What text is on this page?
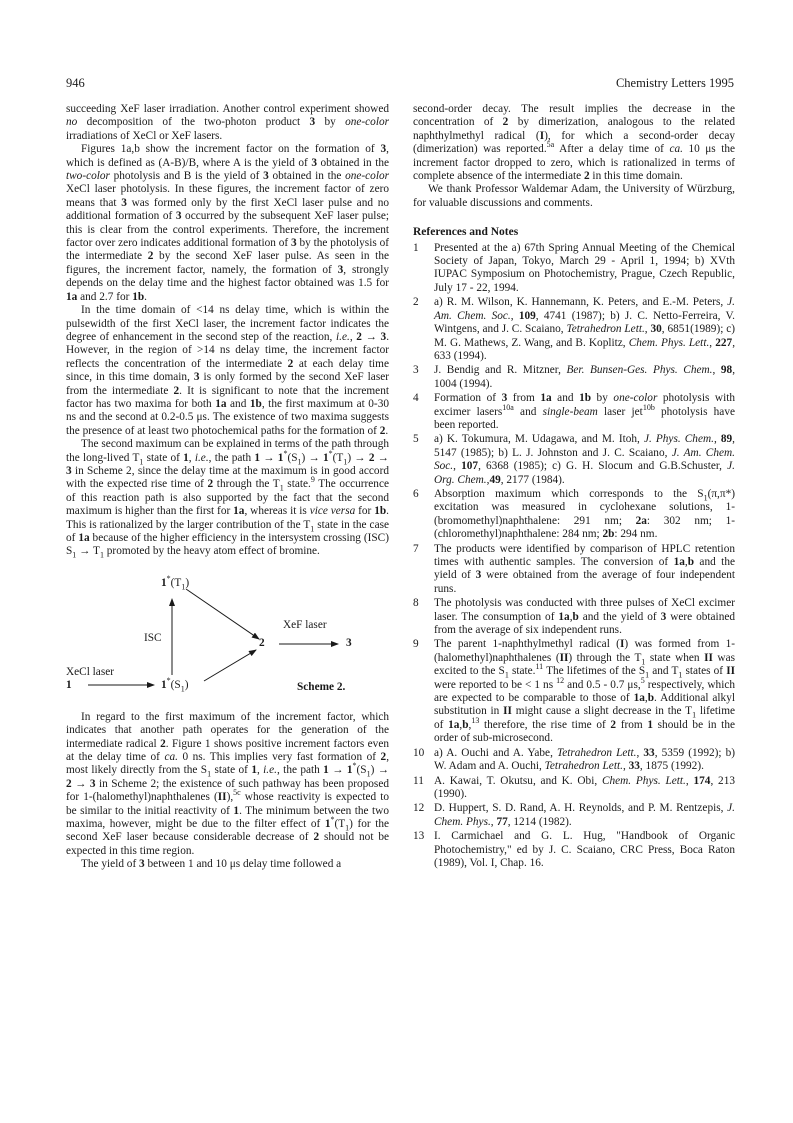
946	Chemistry Letters 1995

succeeding XeF laser irradiation. Another control experiment showed no decomposition of the two-photon product 3 by one-color irradiations of XeCl or XeF lasers.

Figures 1a,b show the increment factor on the formation of 3, which is defined as (A-B)/B, where A is the yield of 3 obtained in the two-color photolysis and B is the yield of 3 obtained in the one-color XeCl laser photolysis. In these figures, the increment factor of zero means that 3 was formed only by the first XeCl laser pulse and no additional formation of 3 occurred by the subsequent XeF laser pulse; this is clear from the control experiments. Therefore, the increment factor over zero indicates additional formation of 3 by the photolysis of the intermediate 2 by the second XeF laser pulse. As seen in the figures, the increment factor, namely, the formation of 3, strongly depends on the delay time and the highest factor obtained was 1.5 for 1a and 2.7 for 1b.

In the time domain of <14 ns delay time, which is within the pulsewidth of the first XeCl laser, the increment factor indicates the degree of enhancement in the second step of the reaction, i.e., 2 → 3. However, in the region of >14 ns delay time, the increment factor reflects the concentration of the intermediate 2 at each delay time since, in this time domain, 3 is only formed by the second XeF laser from the intermediate 2. It is significant to note that the increment factor has two maxima for both 1a and 1b, the first maximum at 0-30 ns and the second at 0.2-0.5 μs. The existence of two maxima suggests the presence of at least two photochemical paths for the formation of 2.

The second maximum can be explained in terms of the path through the long-lived $T_1$ state of 1, i.e., the path $1 \to 1^*(S_1) \to 1^*(T_1) \to 2 \to 3$ in Scheme 2, since the delay time at the maximum is in good accord with the expected rise time of 2 through the $T_1$ state.$^9$ The occurrence of this reaction path is also supported by the fact that the second maximum is higher than the first for 1a, whereas it is vice versa for 1b. This is rationalized by the larger contribution of the $T_1$ state in the case of 1a because of the higher efficiency in the intersystem crossing (ISC) $S_1 \to T_1$ promoted by the heavy atom effect of bromine.

$1^*(T_1)$
ISC
XeF laser
2	3
XeCl laser
1	$1^*(S_1)$	Scheme 2.

In regard to the first maximum of the increment factor, which indicates that another path operates for the generation of the intermediate radical 2. Figure 1 shows positive increment factors even at the delay time of ca. 0 ns. This implies very fast formation of 2, most likely directly from the $S_1$ state of 1, i.e., the path $1 \to 1^*(S_1) \to 2 \to 3$ in Scheme 2; the existence of such pathway has been proposed for 1-(halomethyl)naphthalenes (II),$^{5c}$ whose reactivity is expected to be similar to the initial reactivity of 1. The minimum between the two maxima, however, might be due to the filter effect of $1^*(T_1)$ for the second XeF laser because considerable decrease of 2 should not be expected in this time region.

The yield of 3 between 1 and 10 μs delay time followed a

second-order decay. The result implies the decrease in the concentration of 2 by dimerization, analogous to the related naphthylmethyl radical (I), for which a second-order decay (dimerization) was reported.$^{5a}$ After a delay time of ca. 10 μs the increment factor dropped to zero, which is rationalized in terms of complete absence of the intermediate 2 in this time domain.

We thank Professor Waldemar Adam, the University of Würzburg, for valuable discussions and comments.

References and Notes
1	Presented at the a) 67th Spring Annual Meeting of the Chemical Society of Japan, Tokyo, March 29 - April 1, 1994; b) XVth IUPAC Symposium on Photochemistry, Prague, Czech Republic, July 17 - 22, 1994.
2	a) R. M. Wilson, K. Hannemann, K. Peters, and E.-M. Peters, J. Am. Chem. Soc., 109, 4741 (1987); b) J. C. Netto-Ferreira, V. Wintgens, and J. C. Scaiano, Tetrahedron Lett., 30, 6851(1989); c) M. G. Mathews, Z. Wang, and B. Koplitz, Chem. Phys. Lett., 227, 633 (1994).
3	J. Bendig and R. Mitzner, Ber. Bunsen-Ges. Phys. Chem., 98, 1004 (1994).
4	Formation of 3 from 1a and 1b by one-color photolysis with excimer lasers$^{10a}$ and single-beam laser jet$^{10b}$ photolysis have been reported.
5	a) K. Tokumura, M. Udagawa, and M. Itoh, J. Phys. Chem., 89, 5147 (1985); b) L. J. Johnston and J. C. Scaiano, J. Am. Chem. Soc., 107, 6368 (1985); c) G. H. Slocum and G.B.Schuster, J. Org. Chem.,49, 2177 (1984).
6	Absorption maximum which corresponds to the $S_1(\pi,\pi*)$ excitation was measured in cyclohexane solutions, 1-(bromomethyl)naphthalene: 291 nm; 2a: 302 nm; 1-(chloromethyl)naphthalene: 284 nm; 2b: 294 nm.
7	The products were identified by comparison of HPLC retention times with authentic samples. The conversion of 1a,b and the yield of 3 were obtained from the average of four independent runs.
8	The photolysis was conducted with three pulses of XeCl excimer laser. The consumption of 1a,b and the yield of 3 were obtained from the average of six independent runs.
9	The parent 1-naphthylmethyl radical (I) was formed from 1-(halomethyl)naphthalenes (II) through the $T_1$ state when II was excited to the $S_1$ state.$^{11}$ The lifetimes of the $S_1$ and $T_1$ states of II were reported to be < 1 ns $^{12}$ and 0.5 - 0.7 μs,$^5$ respectively, which are expected to be comparable to those of 1a,b. Additional alkyl substitution in II might cause a slight decrease in the $T_1$ lifetime of 1a,b,$^{13}$ therefore, the rise time of 2 from 1 should be in the order of sub-microsecond.
10 a) A. Ouchi and A. Yabe, Tetrahedron Lett., 33, 5359 (1992); b) W. Adam and A. Ouchi, Tetrahedron Lett., 33, 1875 (1992).
11 A. Kawai, T. Okutsu, and K. Obi, Chem. Phys. Lett., 174, 213 (1990).
12 D. Huppert, S. D. Rand, A. H. Reynolds, and P. M. Rentzepis, J. Chem. Phys., 77, 1214 (1982).
13 I. Carmichael and G. L. Hug, "Handbook of Organic Photochemistry," ed by J. C. Scaiano, CRC Press, Boca Raton (1989), Vol. I, Chap. 16.
